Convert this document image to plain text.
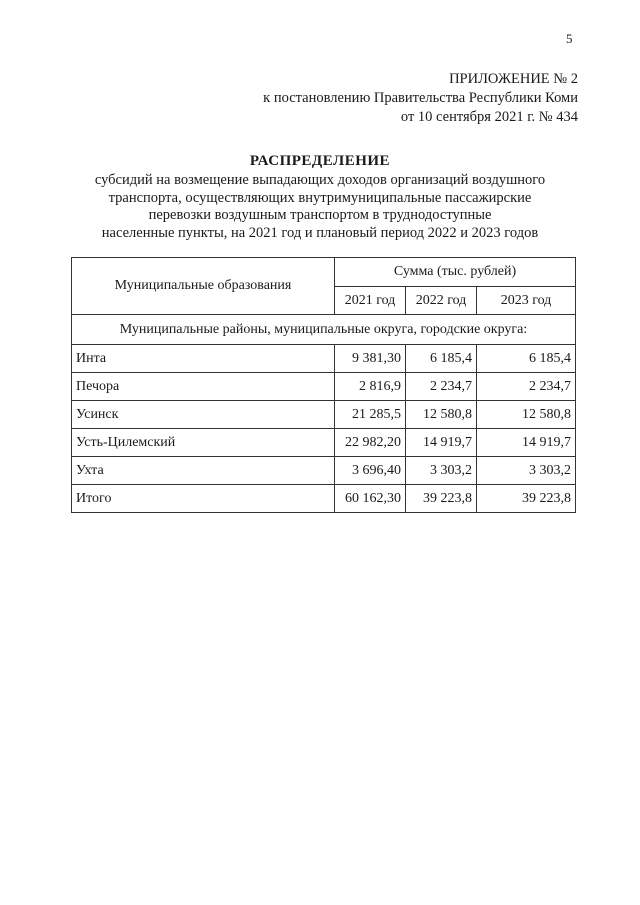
5
ПРИЛОЖЕНИЕ № 2
к постановлению Правительства Республики Коми
от 10 сентября 2021 г. № 434

РАСПРЕДЕЛЕНИЕ

субсидий на возмещение выпадающих доходов организаций воздушного
транспорта, осуществляющих внутримуниципальные пассажирские
перевозки воздушным транспортом в труднодоступные
населенные пункты, на 2021 год и плановый период 2022 и 2023 годов

Муниципальные образования	Сумма (тыс. рублей)		
	2021 год	2022 год	2023 год
Муниципальные районы, муниципальные округа, городские округа:			
Инта	9 381,30	6 185,4	6 185,4
Печора	2 816,9	2 234,7	2 234,7
Усинск	21 285,5	12 580,8	12 580,8
Усть-Цилемский	22 982,20	14 919,7	14 919,7
Ухта	3 696,40	3 303,2	3 303,2
Итого	60 162,30	39 223,8	39 223,8
